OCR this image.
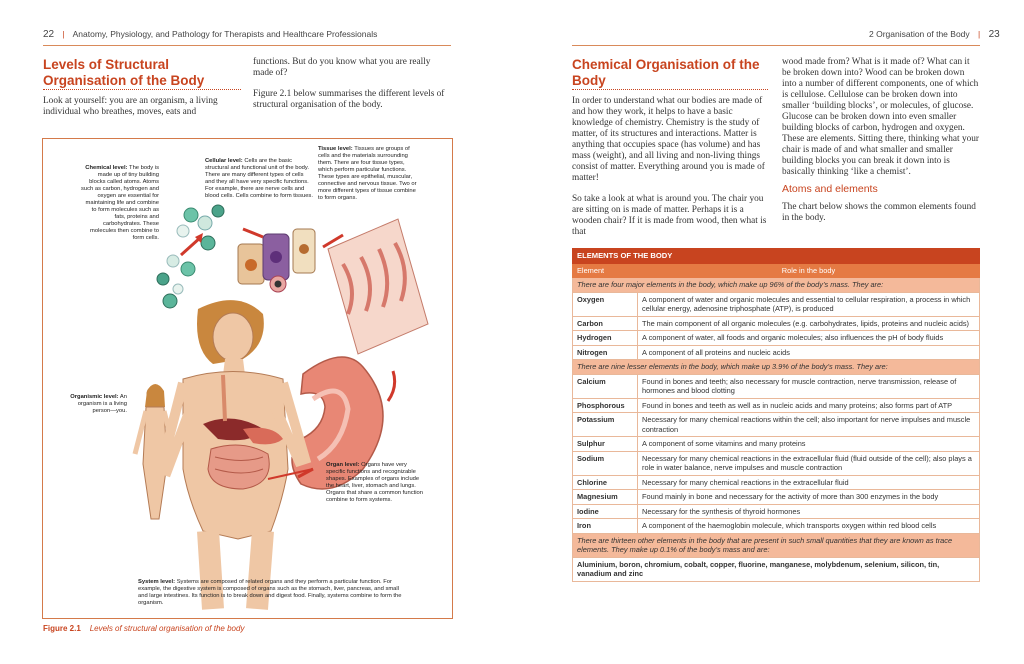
22 | Anatomy, Physiology, and Pathology for Therapists and Healthcare Professionals
Levels of Structural Organisation of the Body

Look at yourself: you are an organism, a living individual who breathes, moves, eats and

functions. But do you know what you are really made of?

Figure 2.1 below summarises the different levels of structural organisation of the body.

Chemical level: The body is made up of tiny building blocks called atoms. Atoms such as carbon, hydrogen and oxygen are essential for maintaining life and combine to form molecules such as fats, proteins and carbohydrates. These molecules then combine to form cells.
Cellular level: Cells are the basic structural and functional unit of the body. There are many different types of cells and they all have very specific functions. For example, there are nerve cells and blood cells. Cells combine to form tissues.
Tissue level: Tissues are groups of cells and the materials surrounding them. There are four tissue types, which perform particular functions. These types are epithelial, muscular, connective and nervous tissue. Two or more different types of tissue combine to form organs.
Organismic level: An organism is a living person—you.
Organ level: Organs have very specific functions and recognizable shapes. Examples of organs include the heart, liver, stomach and lungs. Organs that share a common function combine to form systems.
System level: Systems are composed of related organs and they perform a particular function. For example, the digestive system is composed of organs such as the stomach, liver, pancreas, and small and large intestines. Its function is to break down and digest food. Finally, systems combine to form the organism.
Figure 2.1 Levels of structural organisation of the body
2 Organisation of the Body | 23
Chemical Organisation of the Body

In order to understand what our bodies are made of and how they work, it helps to have a basic knowledge of chemistry. Chemistry is the study of matter, of its structures and interactions. Matter is anything that occupies space (has volume) and has mass (weight), and all living and non-living things consist of matter. Everything around you is made of matter!

So take a look at what is around you. The chair you are sitting on is made of matter. Perhaps it is a wooden chair? If it is made from wood, then what is that

wood made from? What is it made of? What can it be broken down into? Wood can be broken down into a number of different components, one of which is cellulose. Cellulose can be broken down into smaller ‘building blocks’, or molecules, of glucose. Glucose can be broken down into even smaller building blocks of carbon, hydrogen and oxygen. These are elements. Sitting there, thinking what your chair is made of and what smaller and smaller building blocks you can break it down into is basically thinking ‘like a chemist’.

Atoms and elements

The chart below shows the common elements found in the body.

ELEMENTS OF THE BODY	
Element	Role in the body
There are four major elements in the body, which make up 96% of the body’s mass. They are:	
Oxygen	A component of water and organic molecules and essential to cellular respiration, a process in which cellular energy, adenosine triphosphate (ATP), is produced
Carbon	The main component of all organic molecules (e.g. carbohydrates, lipids, proteins and nucleic acids)
Hydrogen	A component of water, all foods and organic molecules; also influences the pH of body fluids
Nitrogen	A component of all proteins and nucleic acids
There are nine lesser elements in the body, which make up 3.9% of the body’s mass. They are:	
Calcium	Found in bones and teeth; also necessary for muscle contraction, nerve transmission, release of hormones and blood clotting
Phosphorous	Found in bones and teeth as well as in nucleic acids and many proteins; also forms part of ATP
Potassium	Necessary for many chemical reactions within the cell; also important for nerve impulses and muscle contraction
Sulphur	A component of some vitamins and many proteins
Sodium	Necessary for many chemical reactions in the extracellular fluid (fluid outside of the cell); also plays a role in water balance, nerve impulses and muscle contraction
Chlorine	Necessary for many chemical reactions in the extracellular fluid
Magnesium	Found mainly in bone and necessary for the activity of more than 300 enzymes in the body
Iodine	Necessary for the synthesis of thyroid hormones
Iron	A component of the haemoglobin molecule, which transports oxygen within red blood cells
There are thirteen other elements in the body that are present in such small quantities that they are known as trace elements. They make up 0.1% of the body’s mass and are:	
Aluminium, boron, chromium, cobalt, copper, fluorine, manganese, molybdenum, selenium, silicon, tin, vanadium and zinc	
